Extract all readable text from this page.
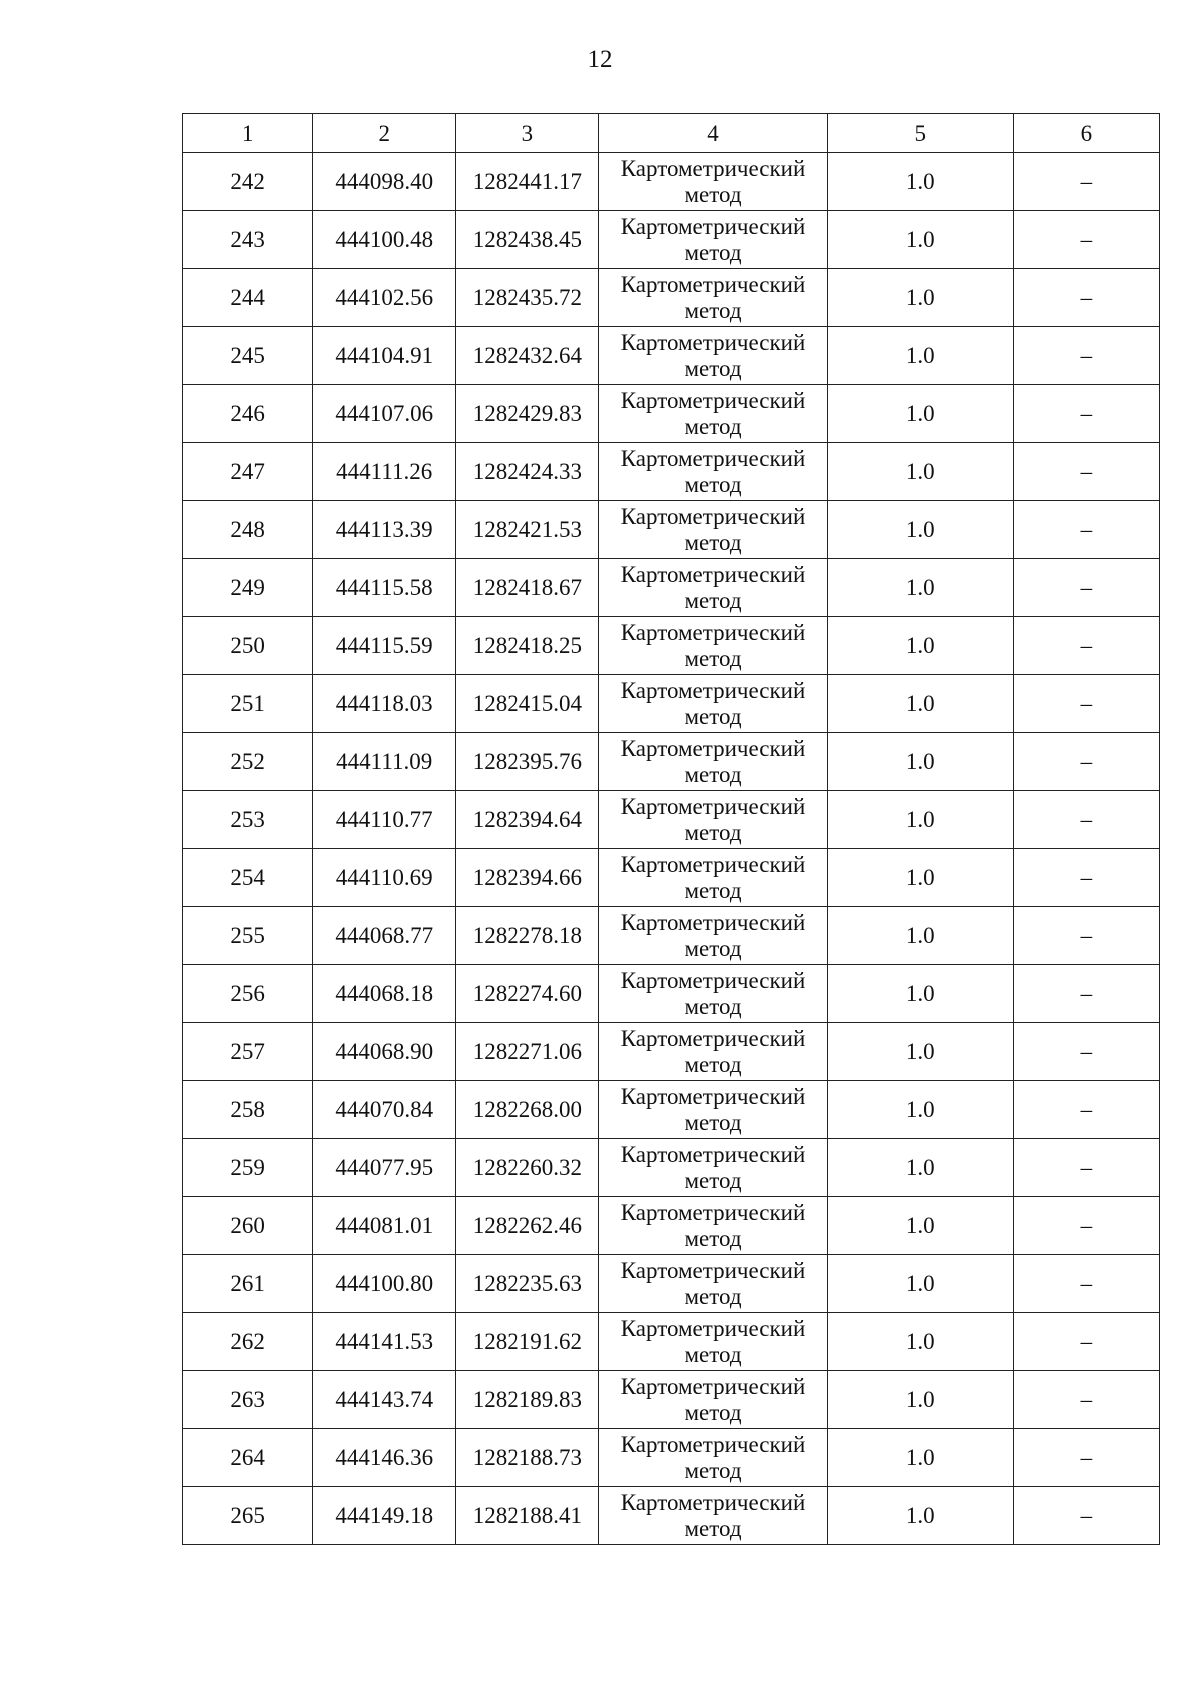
12
1	2	3	4	5	6
242	444098.40	1282441.17	Картометрический метод	1.0	–
243	444100.48	1282438.45	Картометрический метод	1.0	–
244	444102.56	1282435.72	Картометрический метод	1.0	–
245	444104.91	1282432.64	Картометрический метод	1.0	–
246	444107.06	1282429.83	Картометрический метод	1.0	–
247	444111.26	1282424.33	Картометрический метод	1.0	–
248	444113.39	1282421.53	Картометрический метод	1.0	–
249	444115.58	1282418.67	Картометрический метод	1.0	–
250	444115.59	1282418.25	Картометрический метод	1.0	–
251	444118.03	1282415.04	Картометрический метод	1.0	–
252	444111.09	1282395.76	Картометрический метод	1.0	–
253	444110.77	1282394.64	Картометрический метод	1.0	–
254	444110.69	1282394.66	Картометрический метод	1.0	–
255	444068.77	1282278.18	Картометрический метод	1.0	–
256	444068.18	1282274.60	Картометрический метод	1.0	–
257	444068.90	1282271.06	Картометрический метод	1.0	–
258	444070.84	1282268.00	Картометрический метод	1.0	–
259	444077.95	1282260.32	Картометрический метод	1.0	–
260	444081.01	1282262.46	Картометрический метод	1.0	–
261	444100.80	1282235.63	Картометрический метод	1.0	–
262	444141.53	1282191.62	Картометрический метод	1.0	–
263	444143.74	1282189.83	Картометрический метод	1.0	–
264	444146.36	1282188.73	Картометрический метод	1.0	–
265	444149.18	1282188.41	Картометрический метод	1.0	–
